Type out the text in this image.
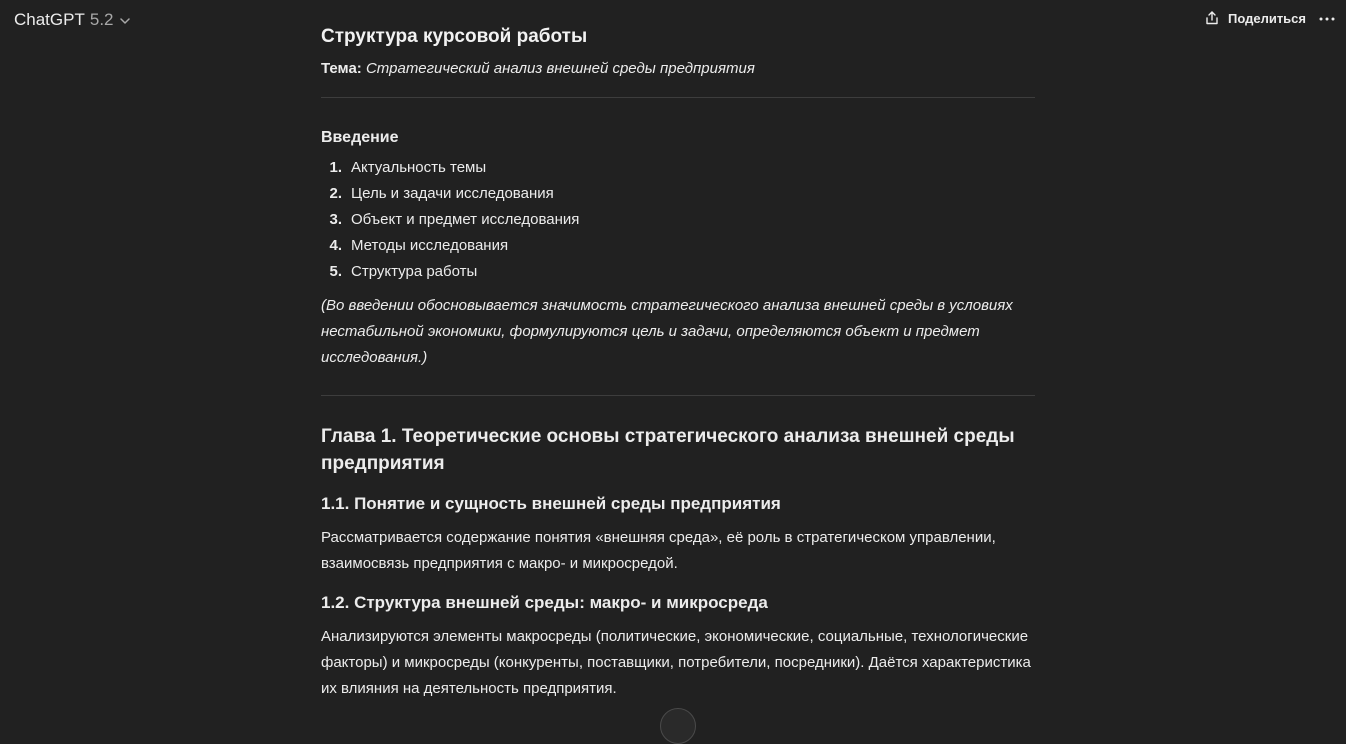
ChatGPT 5.2	Поделиться
Структура курсовой работы
Тема: Стратегический анализ внешней среды предприятия
Введение
1. Актуальность темы
2. Цель и задачи исследования
3. Объект и предмет исследования
4. Методы исследования
5. Структура работы
(Во введении обосновывается значимость стратегического анализа внешней среды в условиях нестабильной экономики, формулируются цель и задачи, определяются объект и предмет исследования.)
Глава 1. Теоретические основы стратегического анализа внешней среды предприятия
1.1. Понятие и сущность внешней среды предприятия

Рассматривается содержание понятия «внешняя среда», её роль в стратегическом управлении, взаимосвязь предприятия с макро- и микросредой.

1.2. Структура внешней среды: макро- и микросреда

Анализируются элементы макросреды (политические, экономические, социальные, технологические факторы) и микросреды (конкуренты, поставщики, потребители, посредники). Даётся характеристика их влияния на деятельность предприятия.
